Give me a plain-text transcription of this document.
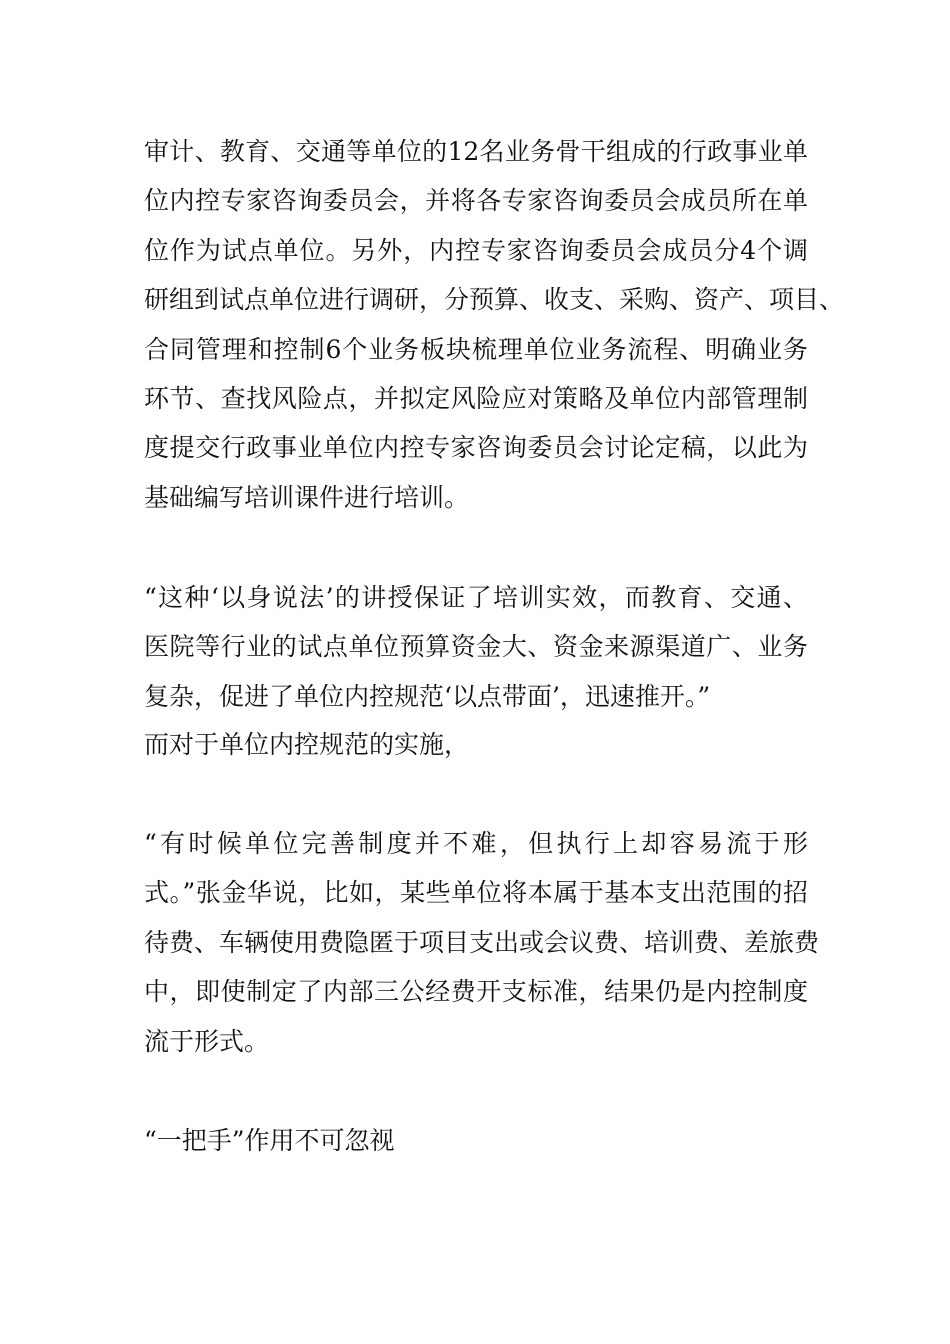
审计、教育、交通等单位的12名业务骨干组成的行政事业单
位内控专家咨询委员会，并将各专家咨询委员会成员所在单
位作为试点单位。另外，内控专家咨询委员会成员分4个调
研组到试点单位进行调研，分预算、收支、采购、资产、项目、
合同管理和控制6个业务板块梳理单位业务流程、明确业务
环节、查找风险点，并拟定风险应对策略及单位内部管理制
度提交行政事业单位内控专家咨询委员会讨论定稿，以此为
基础编写培训课件进行培训。

“这种‘以身说法’的讲授保证了培训实效，而教育、交通、
医院等行业的试点单位预算资金大、资金来源渠道广、业务
复杂，促进了单位内控规范‘以点带面’，迅速推开。”

而对于单位内控规范的实施，

“有时候单位完善制度并不难，但执行上却容易流于形
式。”张金华说，比如，某些单位将本属于基本支出范围的招
待费、车辆使用费隐匿于项目支出或会议费、培训费、差旅费
中，即使制定了内部三公经费开支标准，结果仍是内控制度
流于形式。

“一把手”作用不可忽视
